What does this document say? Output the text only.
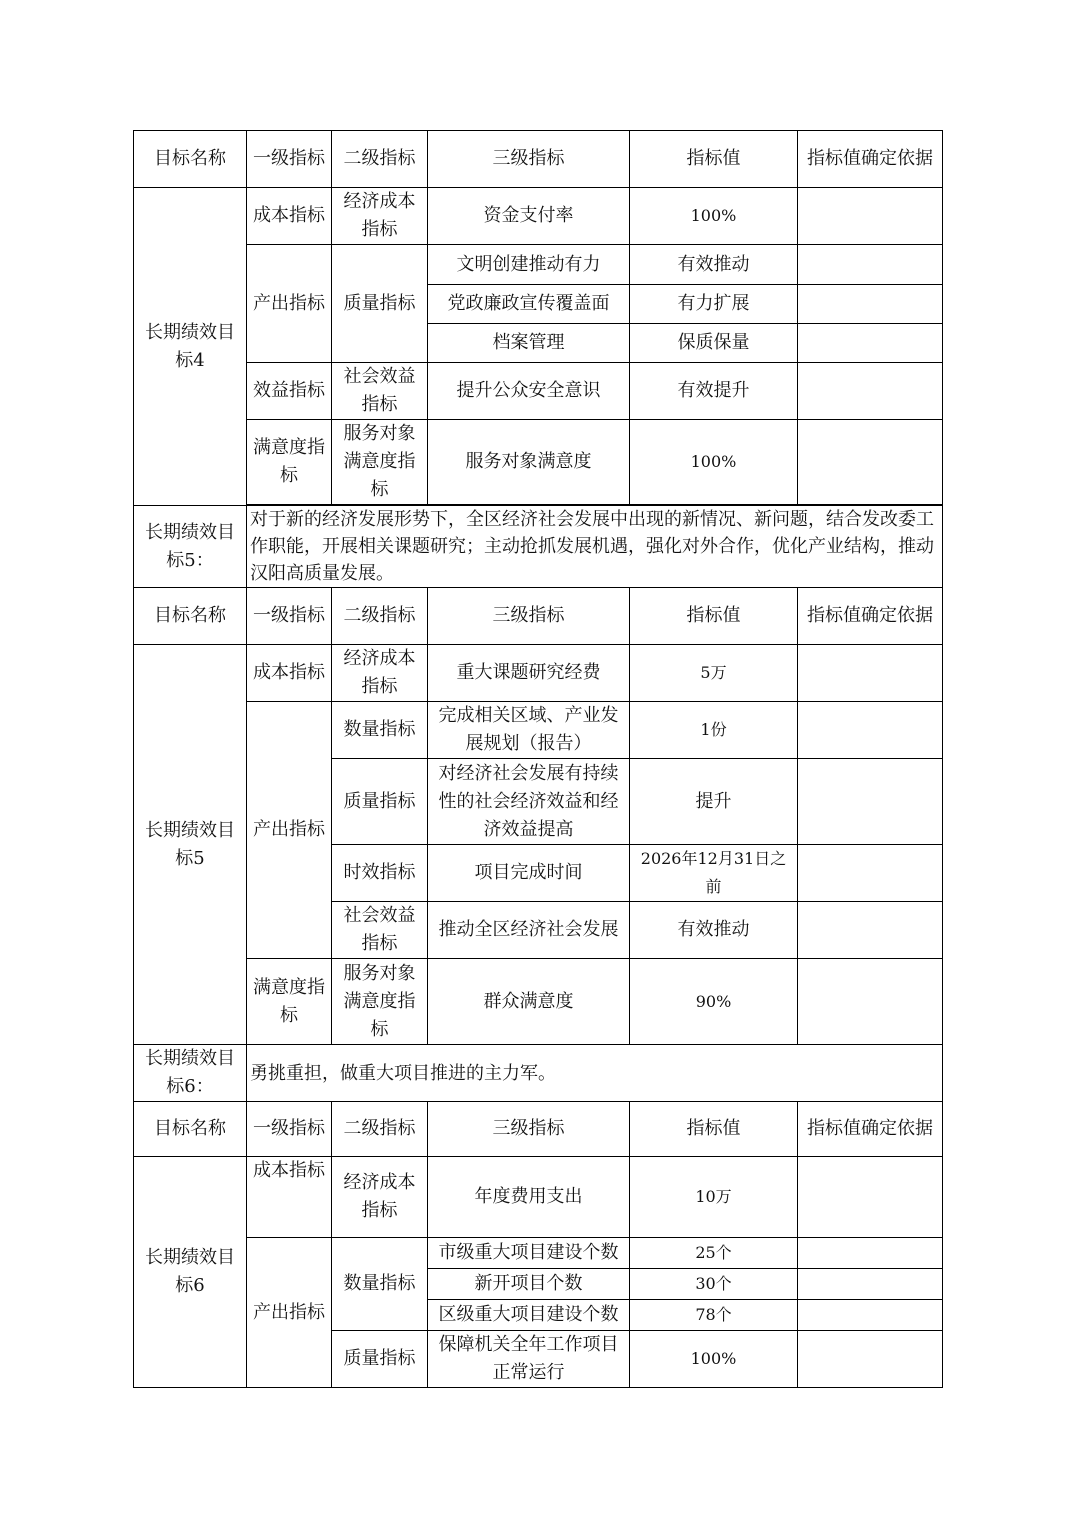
目标名称	一级指标	二级指标	三级指标	指标值	指标值确定依据
长期绩效目标4	成本指标	经济成本指标	资金支付率	100%	
	产出指标	质量指标	文明创建推动有力	有效推动	
			党政廉政宣传覆盖面	有力扩展	
			档案管理	保质保量	
	效益指标	社会效益指标	提升公众安全意识	有效提升	
	满意度指标	服务对象满意度指标	服务对象满意度	100%	

长期绩效目标5：	对于新的经济发展形势下，全区经济社会发展中出现的新情况、新问题，结合发改委工作职能，开展相关课题研究；主动抢抓发展机遇，强化对外合作，优化产业结构，推动汉阳高质量发展。				
目标名称	一级指标	二级指标	三级指标	指标值	指标值确定依据
长期绩效目标5	成本指标	经济成本指标	重大课题研究经费	5万	
	产出指标	数量指标	完成相关区域、产业发展规划（报告）	1份	
		质量指标	对经济社会发展有持续性的社会经济效益和经济效益提高	提升	
		时效指标	项目完成时间	2026年12月31日之前	
		社会效益指标	推动全区经济社会发展	有效推动	
	满意度指标	服务对象满意度指标	群众满意度	90%	
长期绩效目标6：	勇挑重担，做重大项目推进的主力军。				
目标名称	一级指标	二级指标	三级指标	指标值	指标值确定依据
长期绩效目标6	成本指标	经济成本指标	年度费用支出	10万	
	产出指标	数量指标	市级重大项目建设个数	25个	
			新开项目个数	30个	
			区级重大项目建设个数	78个	
		质量指标	保障机关全年工作项目正常运行	100%	
